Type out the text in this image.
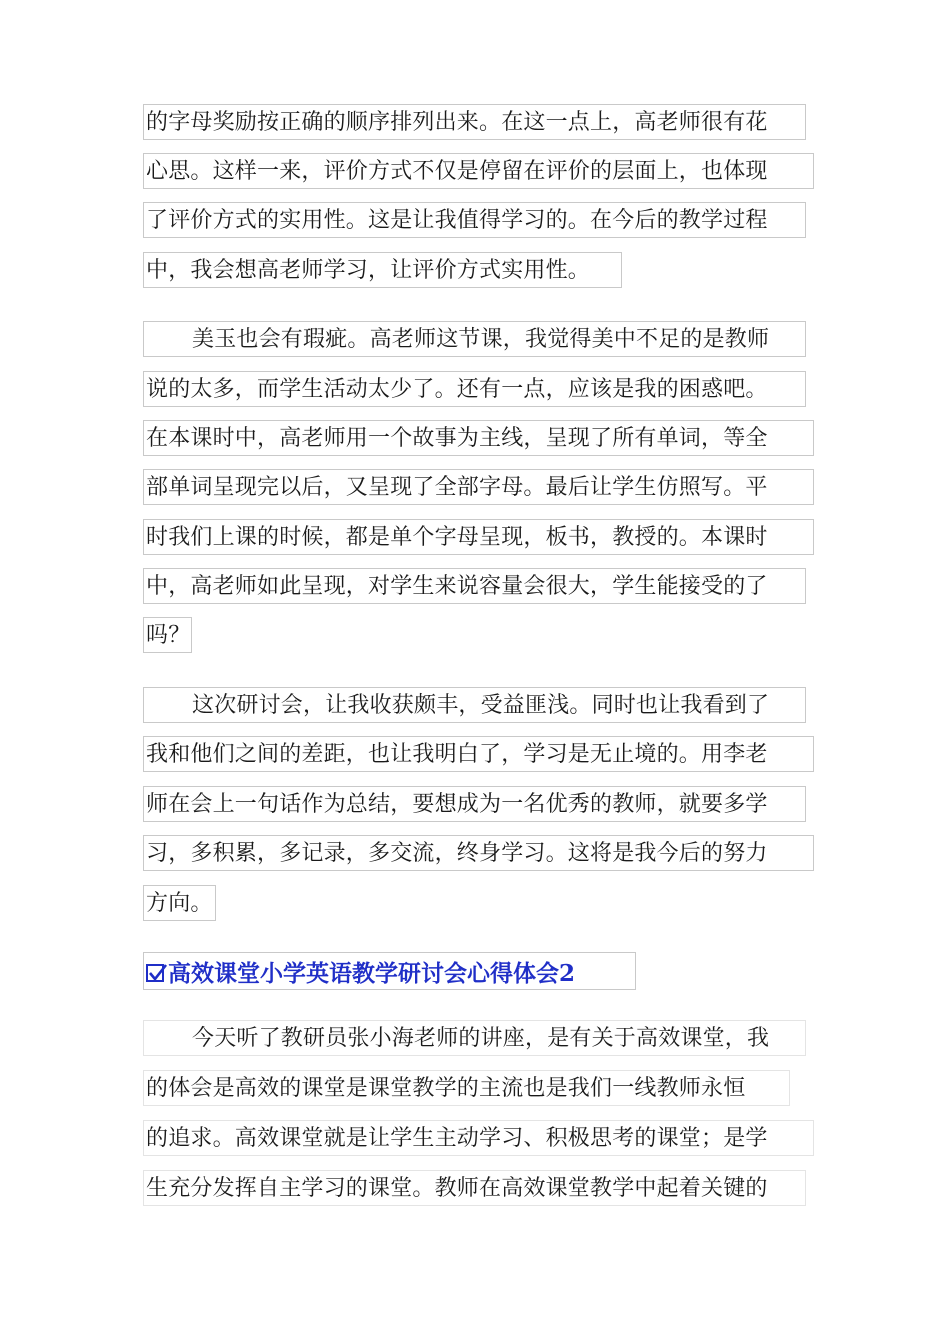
的字母奖励按正确的顺序排列出来。在这一点上，高老师很有花
心思。这样一来，评价方式不仅是停留在评价的层面上，也体现
了评价方式的实用性。这是让我值得学习的。在今后的教学过程
中，我会想高老师学习，让评价方式实用性。
美玉也会有瑕疵。高老师这节课，我觉得美中不足的是教师
说的太多，而学生活动太少了。还有一点，应该是我的困惑吧。
在本课时中，高老师用一个故事为主线，呈现了所有单词，等全
部单词呈现完以后，又呈现了全部字母。最后让学生仿照写。平
时我们上课的时候，都是单个字母呈现，板书，教授的。本课时
中，高老师如此呈现，对学生来说容量会很大，学生能接受的了
吗？
这次研讨会，让我收获颇丰，受益匪浅。同时也让我看到了
我和他们之间的差距，也让我明白了，学习是无止境的。用李老
师在会上一句话作为总结，要想成为一名优秀的教师，就要多学
习，多积累，多记录，多交流，终身学习。这将是我今后的努力
方向。
高效课堂小学英语教学研讨会心得体会2
今天听了教研员张小海老师的讲座，是有关于高效课堂，我
的体会是高效的课堂是课堂教学的主流也是我们一线教师永恒
的追求。高效课堂就是让学生主动学习、积极思考的课堂；是学
生充分发挥自主学习的课堂。教师在高效课堂教学中起着关键的
